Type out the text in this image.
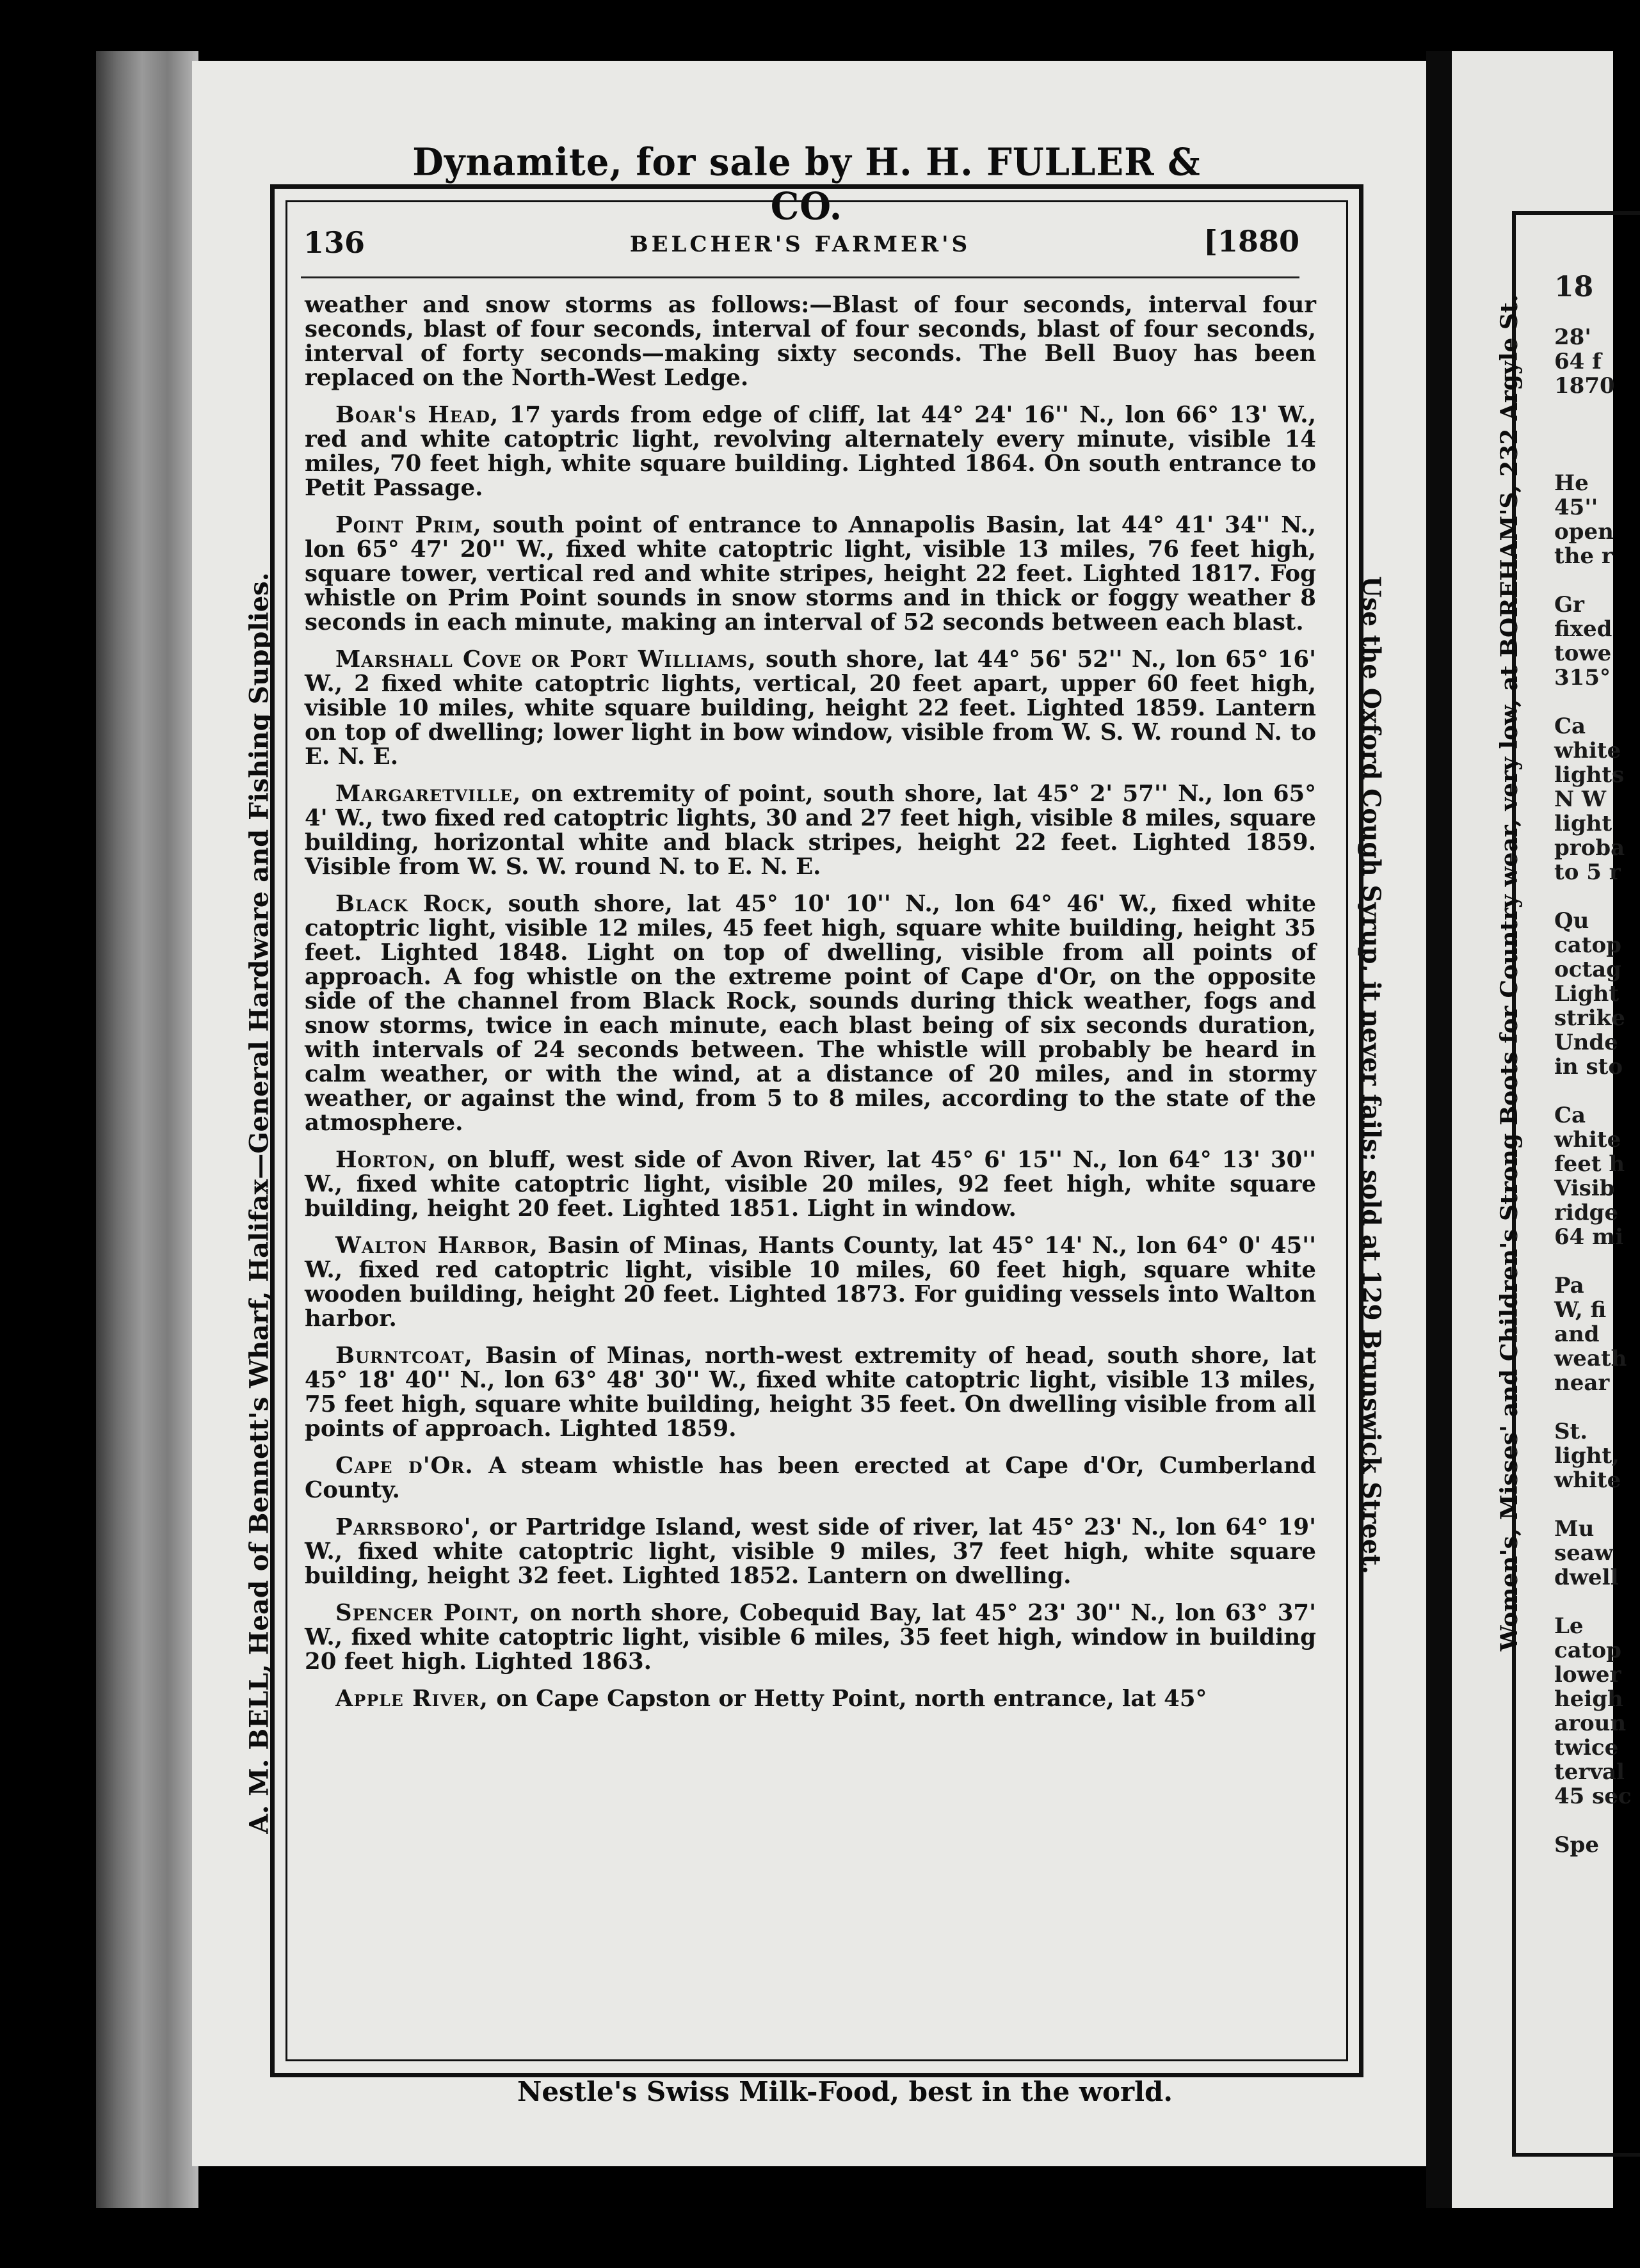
18
28'
64 f
1870
He
45''
open
the r
Gr
fixed
towe
315°
Ca
white
lights
N W
light
proba
to 5 r
Qu
catop
octag
Light
strike
Unde
in sto
Ca
white
feet h
Visib
ridge
64 mi
Pa
W, fi
and
weath
near
St.
light,
white
Mu
seaw
dwell
Le
catop
lower
heigh
aroun
twice
terval
45 sec
Spe
Dynamite, for sale by H. H. FULLER & CO.
Nestle's Swiss Milk-Food, best in the world.
A. M. BELL, Head of Bennett's Wharf, Halifax—General Hardware and Fishing Supplies.	Use the Oxford Cough Syrup, it never fails; sold at 129 Brunswick Street.	Women's, Misses' and Children's Strong Boots for Country wear, very low, at BOREHAM'S, 232 Argyle St.
136	BELCHER'S FARMER'S	[1880

weather and snow storms as follows:—Blast of four seconds, interval four seconds, blast of four seconds, interval of four seconds, blast of four seconds, interval of forty seconds—making sixty seconds. The Bell Buoy has been replaced on the North-West Ledge.

Boar's Head, 17 yards from edge of cliff, lat 44° 24' 16'' N., lon 66° 13' W., red and white catoptric light, revolving alternately every minute, visible 14 miles, 70 feet high, white square building. Lighted 1864. On south entrance to Petit Passage.

Point Prim, south point of entrance to Annapolis Basin, lat 44° 41' 34'' N., lon 65° 47' 20'' W., fixed white catoptric light, visible 13 miles, 76 feet high, square tower, vertical red and white stripes, height 22 feet. Lighted 1817. Fog whistle on Prim Point sounds in snow storms and in thick or foggy weather 8 seconds in each minute, making an interval of 52 seconds between each blast.

Marshall Cove or Port Williams, south shore, lat 44° 56' 52'' N., lon 65° 16' W., 2 fixed white catoptric lights, vertical, 20 feet apart, upper 60 feet high, visible 10 miles, white square building, height 22 feet. Lighted 1859. Lantern on top of dwelling; lower light in bow window, visible from W. S. W. round N. to E. N. E.

Margaretville, on extremity of point, south shore, lat 45° 2' 57'' N., lon 65° 4' W., two fixed red catoptric lights, 30 and 27 feet high, visible 8 miles, square building, horizontal white and black stripes, height 22 feet. Lighted 1859. Visible from W. S. W. round N. to E. N. E.

Black Rock, south shore, lat 45° 10' 10'' N., lon 64° 46' W., fixed white catoptric light, visible 12 miles, 45 feet high, square white building, height 35 feet. Lighted 1848. Light on top of dwelling, visible from all points of approach. A fog whistle on the extreme point of Cape d'Or, on the opposite side of the channel from Black Rock, sounds during thick weather, fogs and snow storms, twice in each minute, each blast being of six seconds duration, with intervals of 24 seconds between. The whistle will probably be heard in calm weather, or with the wind, at a distance of 20 miles, and in stormy weather, or against the wind, from 5 to 8 miles, according to the state of the atmosphere.

Horton, on bluff, west side of Avon River, lat 45° 6' 15'' N., lon 64° 13' 30'' W., fixed white catoptric light, visible 20 miles, 92 feet high, white square building, height 20 feet. Lighted 1851. Light in window.

Walton Harbor, Basin of Minas, Hants County, lat 45° 14' N., lon 64° 0' 45'' W., fixed red catoptric light, visible 10 miles, 60 feet high, square white wooden building, height 20 feet. Lighted 1873. For guiding vessels into Walton harbor.

Burntcoat, Basin of Minas, north-west extremity of head, south shore, lat 45° 18' 40'' N., lon 63° 48' 30'' W., fixed white catoptric light, visible 13 miles, 75 feet high, square white building, height 35 feet. On dwelling visible from all points of approach. Lighted 1859.

Cape d'Or. A steam whistle has been erected at Cape d'Or, Cumberland County.

Parrsboro', or Partridge Island, west side of river, lat 45° 23' N., lon 64° 19' W., fixed white catoptric light, visible 9 miles, 37 feet high, white square building, height 32 feet. Lighted 1852. Lantern on dwelling.

Spencer Point, on north shore, Cobequid Bay, lat 45° 23' 30'' N., lon 63° 37' W., fixed white catoptric light, visible 6 miles, 35 feet high, window in building 20 feet high. Lighted 1863.

Apple River, on Cape Capston or Hetty Point, north entrance, lat 45°
